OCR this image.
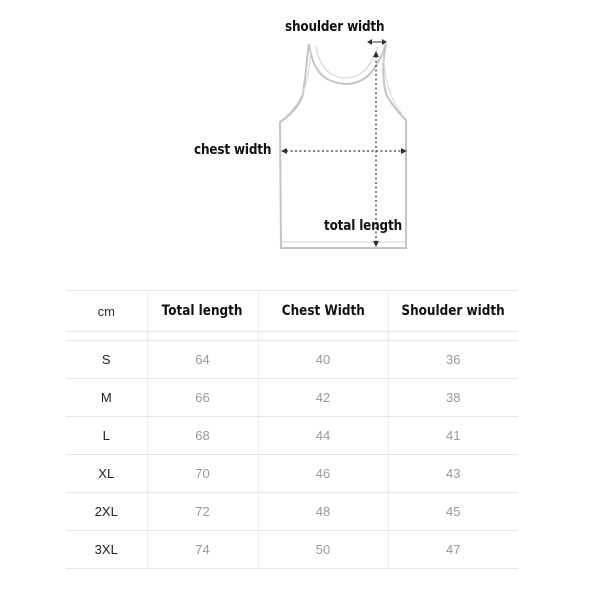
shoulder width
chest width
total length
cm	Total length	Chest Width	Shoulder width

S	64	40	36
M	66	42	38
L	68	44	41
XL	70	46	43
2XL	72	48	45
3XL	74	50	47
